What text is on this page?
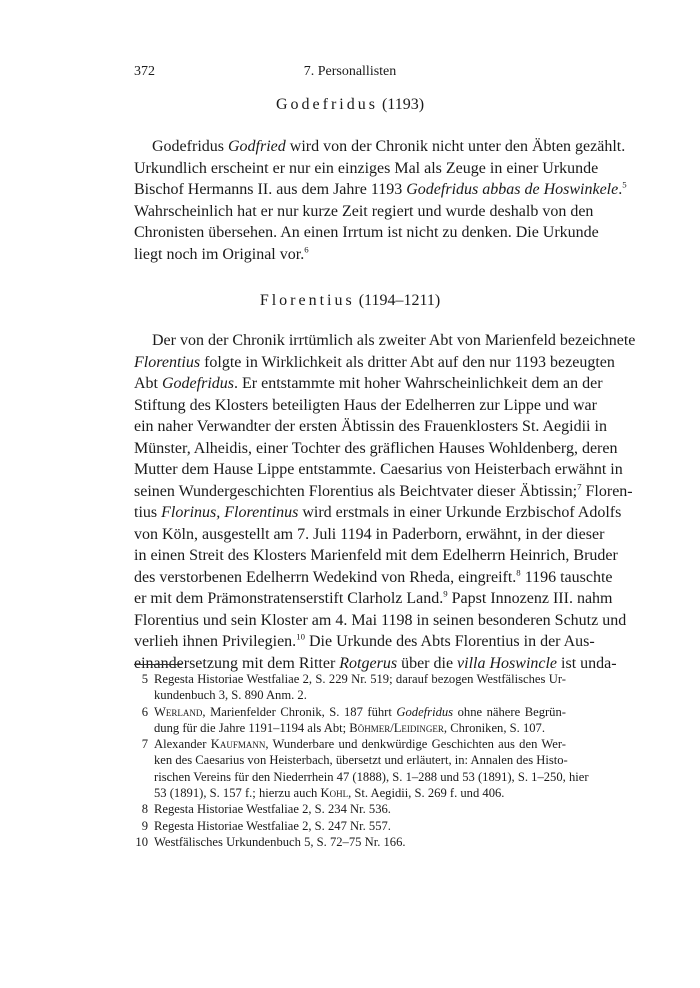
372	7. Personallisten
Godefridus (1193)
Godefridus Godfried wird von der Chronik nicht unter den Äbten gezählt.
Urkundlich erscheint er nur ein einziges Mal als Zeuge in einer Urkunde
Bischof Hermanns II. aus dem Jahre 1193 Godefridus abbas de Hoswinkele.$^5$
Wahrscheinlich hat er nur kurze Zeit regiert und wurde deshalb von den
Chronisten übersehen. An einen Irrtum ist nicht zu denken. Die Urkunde
liegt noch im Original vor.$^6$
Florentius (1194–1211)
Der von der Chronik irrtümlich als zweiter Abt von Marienfeld bezeichnete
Florentius folgte in Wirklichkeit als dritter Abt auf den nur 1193 bezeugten
Abt Godefridus. Er entstammte mit hoher Wahrscheinlichkeit dem an der
Stiftung des Klosters beteiligten Haus der Edelherren zur Lippe und war
ein naher Verwandter der ersten Äbtissin des Frauenklosters St. Aegidii in
Münster, Alheidis, einer Tochter des gräflichen Hauses Wohldenberg, deren
Mutter dem Hause Lippe entstammte. Caesarius von Heisterbach erwähnt in
seinen Wundergeschichten Florentius als Beichtvater dieser Äbtissin;$^7$ Floren-
tius Florinus, Florentinus wird erstmals in einer Urkunde Erzbischof Adolfs
von Köln, ausgestellt am 7. Juli 1194 in Paderborn, erwähnt, in der dieser
in einen Streit des Klosters Marienfeld mit dem Edelherrn Heinrich, Bruder
des verstorbenen Edelherrn Wedekind von Rheda, eingreift.$^8$ 1196 tauschte
er mit dem Prämonstratenserstift Clarholz Land.$^9$ Papst Innozenz III. nahm
Florentius und sein Kloster am 4. Mai 1198 in seinen besonderen Schutz und
verlieh ihnen Privilegien.$^{10}$ Die Urkunde des Abts Florentius in der Aus-
einandersetzung mit dem Ritter Rotgerus über die villa Hoswincle ist unda-
5 Regesta Historiae Westfaliae 2, S. 229 Nr. 519; darauf bezogen Westfälisches Ur-
kundenbuch 3, S. 890 Anm. 2.
6 Werland, Marienfelder Chronik, S. 187 führt Godefridus ohne nähere Begrün-
dung für die Jahre 1191–1194 als Abt; Böhmer/Leidinger, Chroniken, S. 107.
7 Alexander Kaufmann, Wunderbare und denkwürdige Geschichten aus den Wer-
ken des Caesarius von Heisterbach, übersetzt und erläutert, in: Annalen des Histo-
rischen Vereins für den Niederrhein 47 (1888), S. 1–288 und 53 (1891), S. 1–250, hier
53 (1891), S. 157 f.; hierzu auch Kohl, St. Aegidii, S. 269 f. und 406.
8 Regesta Historiae Westfaliae 2, S. 234 Nr. 536.
9 Regesta Historiae Westfaliae 2, S. 247 Nr. 557.
10 Westfälisches Urkundenbuch 5, S. 72–75 Nr. 166.
